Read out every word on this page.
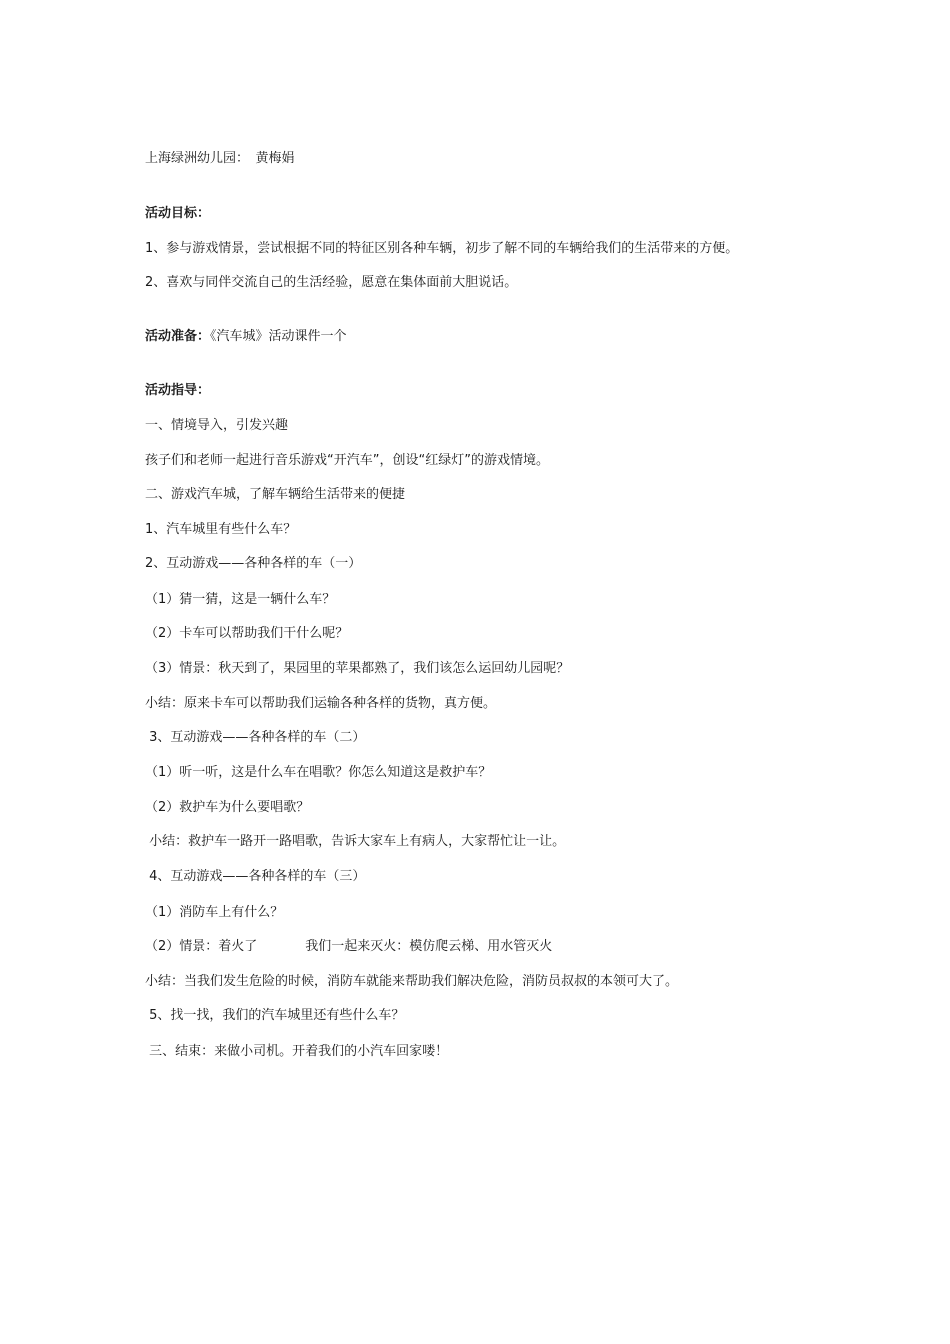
上海绿洲幼儿园：　黄梅娟

活动目标：

1、参与游戏情景，尝试根据不同的特征区别各种车辆，初步了解不同的车辆给我们的生活带来的方便。

2、喜欢与同伴交流自己的生活经验，愿意在集体面前大胆说话。

活动准备：《汽车城》活动课件一个

活动指导：

一、情境导入，引发兴趣

孩子们和老师一起进行音乐游戏“开汽车”，创设“红绿灯”的游戏情境。

二、游戏汽车城，了解车辆给生活带来的便捷

1、汽车城里有些什么车？

2、互动游戏——各种各样的车（一）

（1）猜一猜，这是一辆什么车？

（2）卡车可以帮助我们干什么呢？

（3）情景：秋天到了，果园里的苹果都熟了，我们该怎么运回幼儿园呢？

小结：原来卡车可以帮助我们运输各种各样的货物，真方便。

3、互动游戏——各种各样的车（二）

（1）听一听，这是什么车在唱歌？你怎么知道这是救护车？

（2）救护车为什么要唱歌？

小结：救护车一路开一路唱歌，告诉大家车上有病人，大家帮忙让一让。

4、互动游戏——各种各样的车（三）

（1）消防车上有什么？

（2）情景：着火了	我们一起来灭火：模仿爬云梯、用水管灭火

小结：当我们发生危险的时候，消防车就能来帮助我们解决危险，消防员叔叔的本领可大了。

5、找一找，我们的汽车城里还有些什么车？

三、结束：来做小司机。开着我们的小汽车回家喽！
